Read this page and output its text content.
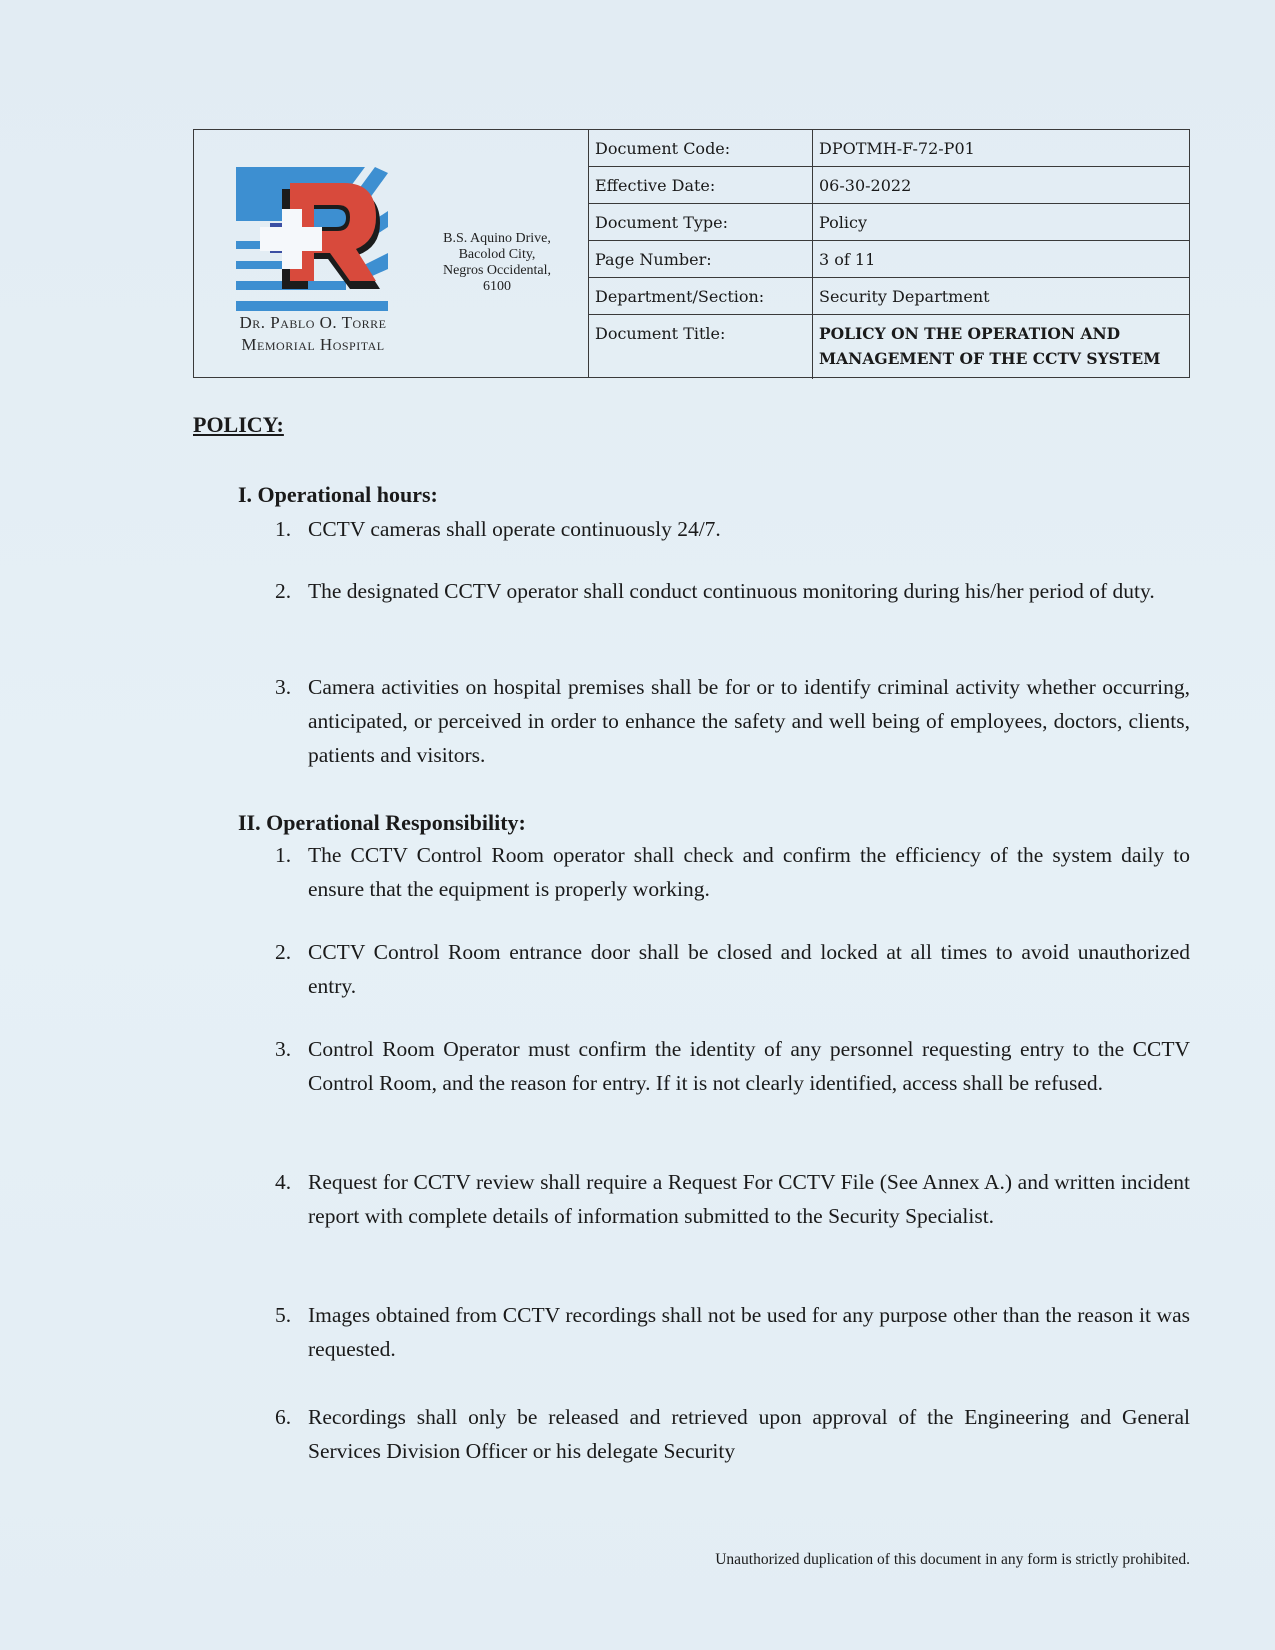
Dr. Pablo O. Torre
Memorial Hospital
B.S. Aquino Drive,
Bacolod City,
Negros Occidental,
6100
Document Code:	DPOTMH-F-72-P01
Effective Date:	06-30-2022
Document Type:	Policy
Page Number:	3 of 11
Department/Section:	Security Department
Document Title:	POLICY ON THE OPERATION AND MANAGEMENT OF THE CCTV SYSTEM
POLICY:
I. Operational hours:
1. CCTV cameras shall operate continuously 24/7.
2. The designated CCTV operator shall conduct continuous monitoring during his/her period of duty.
3. Camera activities on hospital premises shall be for or to identify criminal activity whether occurring, anticipated, or perceived in order to enhance the safety and well being of employees, doctors, clients, patients and visitors.
II. Operational Responsibility:
1. The CCTV Control Room operator shall check and confirm the efficiency of the system daily to ensure that the equipment is properly working.
2. CCTV Control Room entrance door shall be closed and locked at all times to avoid unauthorized entry.
3. Control Room Operator must confirm the identity of any personnel requesting entry to the CCTV Control Room, and the reason for entry. If it is not clearly identified, access shall be refused.
4. Request for CCTV review shall require a Request For CCTV File (See Annex A.) and written incident report with complete details of information submitted to the Security Specialist.
5. Images obtained from CCTV recordings shall not be used for any purpose other than the reason it was requested.
6. Recordings shall only be released and retrieved upon approval of the Engineering and General Services Division Officer or his delegate Security
Unauthorized duplication of this document in any form is strictly prohibited.
